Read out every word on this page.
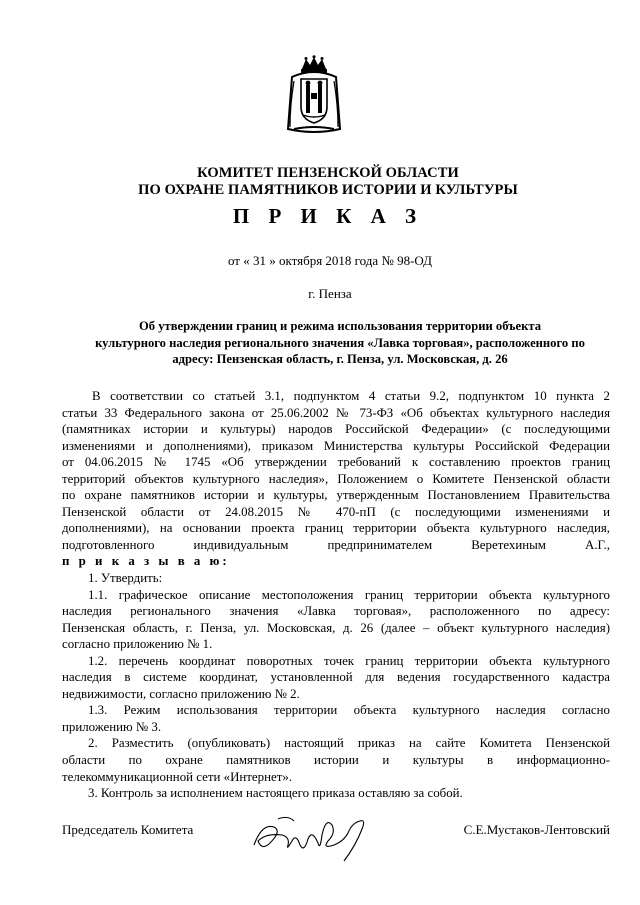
КОМИТЕТ ПЕНЗЕНСКОЙ ОБЛАСТИ
ПО ОХРАНЕ ПАМЯТНИКОВ ИСТОРИИ И КУЛЬТУРЫ
П Р И К А З
от « 31 » октября 2018 года № 98-ОД
г. Пенза
Об утверждении границ и режима использования территории объекта
культурного наследия регионального значения «Лавка торговая», расположенного по
адресу: Пензенская область, г. Пенза, ул. Московская, д. 26
В соответствии со статьей 3.1, подпунктом 4 статьи 9.2, подпунктом 10 пункта 2
статьи 33 Федерального закона от 25.06.2002 № 73-ФЗ «Об объектах культурного наследия
(памятниках истории и культуры) народов Российской Федерации» (с последующими
изменениями и дополнениями), приказом Министерства культуры Российской Федерации
от 04.06.2015 № 1745 «Об утверждении требований к составлению проектов границ
территорий объектов культурного наследия», Положением о Комитете Пензенской области
по охране памятников истории и культуры, утвержденным Постановлением Правительства
Пензенской области от 24.08.2015 № 470-пП (с последующими изменениями и
дополнениями), на основании проекта границ территории объекта культурного наследия,
подготовленного индивидуальным предпринимателем Веретехиным А.Г.,
п р и к а з ы в а ю:
1. Утвердить:
1.1. графическое описание местоположения границ территории объекта культурного
наследия регионального значения «Лавка торговая», расположенного по адресу:
Пензенская область, г. Пенза, ул. Московская, д. 26 (далее – объект культурного наследия)
согласно приложению № 1.
1.2. перечень координат поворотных точек границ территории объекта культурного
наследия в системе координат, установленной для ведения государственного кадастра
недвижимости, согласно приложению № 2.
1.3. Режим использования территории объекта культурного наследия согласно
приложению № 3.
2. Разместить (опубликовать) настоящий приказ на сайте Комитета Пензенской
области по охране памятников истории и культуры в информационно-
телекоммуникационной сети «Интернет».
3. Контроль за исполнением настоящего приказа оставляю за собой.
Председатель Комитета	С.Е.Мустаков-Лентовский
